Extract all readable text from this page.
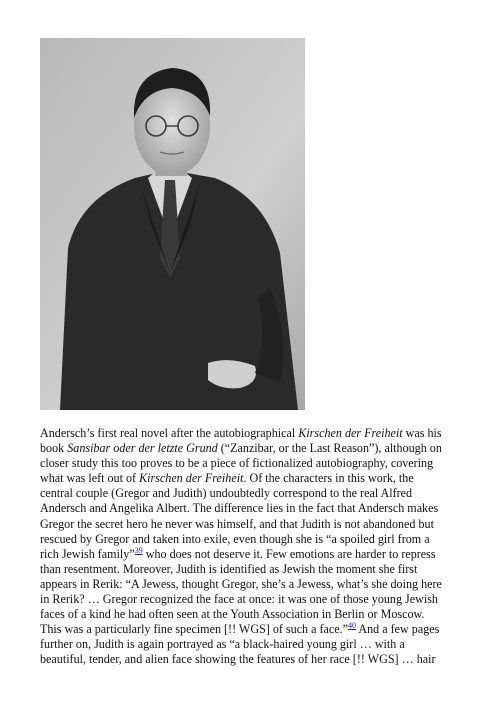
Andersch’s first real novel after the autobiographical Kirschen der Freiheit was his
book Sansibar oder der letzte Grund (“Zanzibar, or the Last Reason”), although on
closer study this too proves to be a piece of fictionalized autobiography, covering
what was left out of Kirschen der Freiheit. Of the characters in this work, the
central couple (Gregor and Judith) undoubtedly correspond to the real Alfred
Andersch and Angelika Albert. The difference lies in the fact that Andersch makes
Gregor the secret hero he never was himself, and that Judith is not abandoned but
rescued by Gregor and taken into exile, even though she is “a spoiled girl from a
rich Jewish family”$^{39}$ who does not deserve it. Few emotions are harder to repress
than resentment. Moreover, Judith is identified as Jewish the moment she first
appears in Rerik: “A Jewess, thought Gregor, she’s a Jewess, what’s she doing here
in Rerik? … Gregor recognized the face at once: it was one of those young Jewish
faces of a kind he had often seen at the Youth Association in Berlin or Moscow.
This was a particularly fine specimen [!! WGS] of such a face.”$^{40}$ And a few pages
further on, Judith is again portrayed as “a black-haired young girl … with a
beautiful, tender, and alien face showing the features of her race [!! WGS] … hair
